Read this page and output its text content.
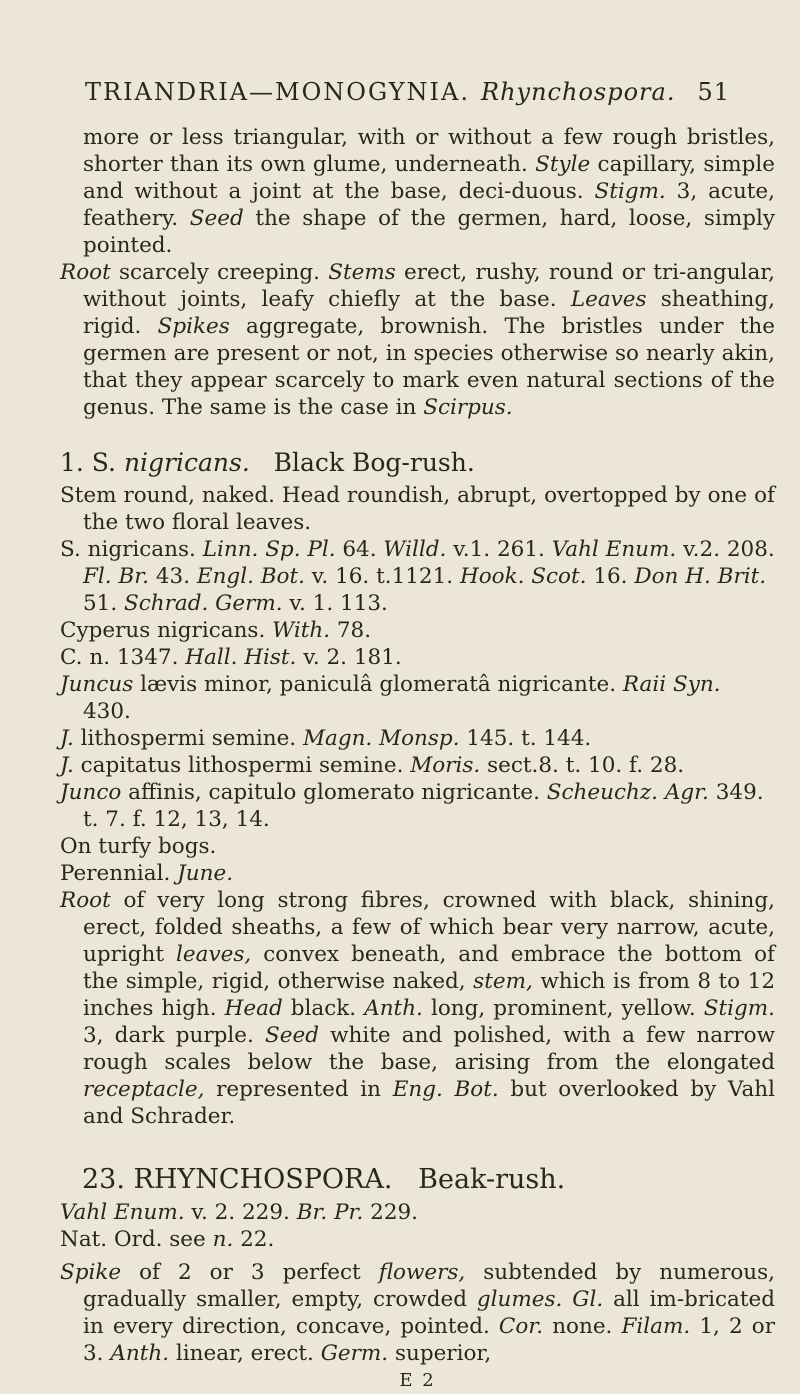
TRIANDRIA—MONOGYNIA. Rhynchospora. 51

more or less triangular, with or without a few rough bristles, shorter than its own glume, underneath. Style capillary, simple and without a joint at the base, deci-duous. Stigm. 3, acute, feathery. Seed the shape of the germen, hard, loose, simply pointed.

Root scarcely creeping. Stems erect, rushy, round or tri-angular, without joints, leafy chiefly at the base. Leaves sheathing, rigid. Spikes aggregate, brownish. The bristles under the germen are present or not, in species otherwise so nearly akin, that they appear scarcely to mark even natural sections of the genus. The same is the case in Scirpus.

1. S. nigricans. Black Bog-rush.

Stem round, naked. Head roundish, abrupt, overtopped by one of the two floral leaves.

S. nigricans. Linn. Sp. Pl. 64. Willd. v.1. 261. Vahl Enum. v.2. 208. Fl. Br. 43. Engl. Bot. v. 16. t.1121. Hook. Scot. 16. Don H. Brit. 51. Schrad. Germ. v. 1. 113.

Cyperus nigricans. With. 78.

C. n. 1347. Hall. Hist. v. 2. 181.

Juncus lævis minor, paniculâ glomeratâ nigricante. Raii Syn. 430.

J. lithospermi semine. Magn. Monsp. 145. t. 144.

J. capitatus lithospermi semine. Moris. sect.8. t. 10. f. 28.

Junco affinis, capitulo glomerato nigricante. Scheuchz. Agr. 349. t. 7. f. 12, 13, 14.

On turfy bogs.

Perennial. June.

Root of very long strong fibres, crowned with black, shining, erect, folded sheaths, a few of which bear very narrow, acute, upright leaves, convex beneath, and embrace the bottom of the simple, rigid, otherwise naked, stem, which is from 8 to 12 inches high. Head black. Anth. long, prominent, yellow. Stigm. 3, dark purple. Seed white and polished, with a few narrow rough scales below the base, arising from the elongated receptacle, represented in Eng. Bot. but overlooked by Vahl and Schrader.

23. RHYNCHOSPORA. Beak-rush.

Vahl Enum. v. 2. 229. Br. Pr. 229.

Nat. Ord. see n. 22.

Spike of 2 or 3 perfect flowers, subtended by numerous, gradually smaller, empty, crowded glumes. Gl. all im-bricated in every direction, concave, pointed. Cor. none. Filam. 1, 2 or 3. Anth. linear, erect. Germ. superior,

E 2
